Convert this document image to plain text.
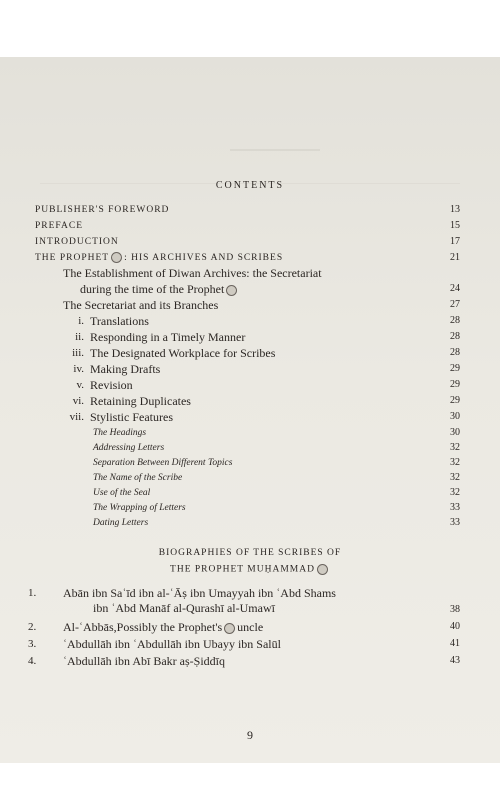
CONTENTS
PUBLISHER'S FOREWORD	13
PREFACE	15
INTRODUCTION	17
THE PROPHET : HIS ARCHIVES AND SCRIBES	21
The Establishment of Diwan Archives: the Secretariat
during the time of the Prophet	24
The Secretariat and its Branches	27
i. Translations	28
ii. Responding in a Timely Manner	28
iii. The Designated Workplace for Scribes	28
iv. Making Drafts	29
v. Revision	29
vi. Retaining Duplicates	29
vii. Stylistic Features	30
The Headings	30
Addressing Letters	32
Separation Between Different Topics	32
The Name of the Scribe	32
Use of the Seal	32
The Wrapping of Letters	33
Dating Letters	33
BIOGRAPHIES OF THE SCRIBES OF
THE PROPHET MUḤAMMAD
1.	Abān ibn Saʿīd ibn al-ʿĀṣ ibn Umayyah ibn ʿAbd Shams
ibn ʿAbd Manāf al-Qurashī al-Umawī	38
2.	Al-ʿAbbās,Possibly the Prophet's uncle	40
3.	ʿAbdullāh ibn ʿAbdullāh ibn Ubayy ibn Salūl	41
4.	ʿAbdullāh ibn Abī Bakr aṣ-Ṣiddīq	43
9
